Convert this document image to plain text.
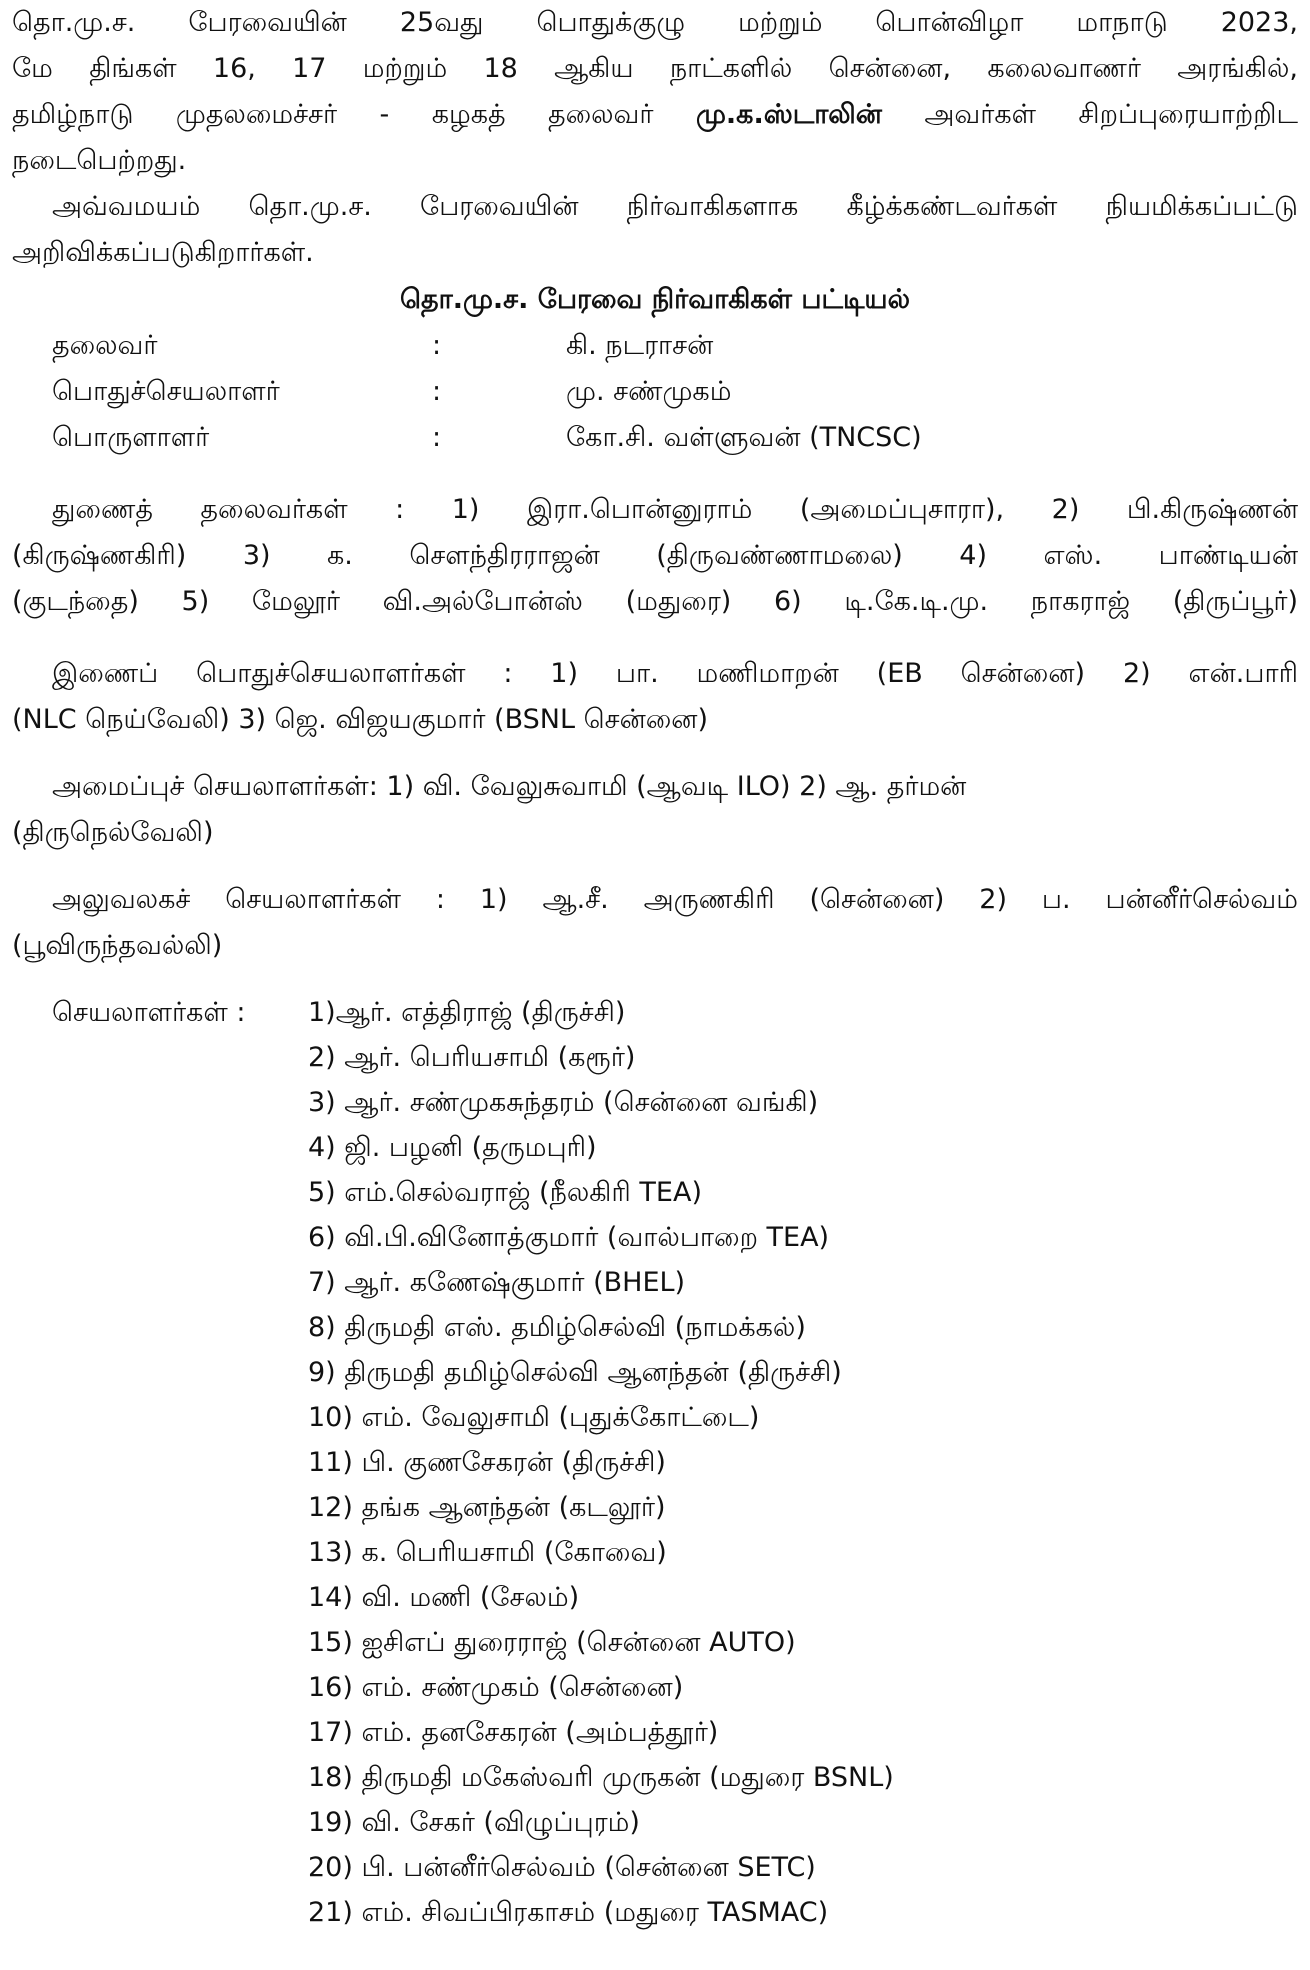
தொ.மு.ச. பேரவையின் 25வது பொதுக்குழு மற்றும் பொன்விழா மாநாடு 2023,
மே திங்கள் 16, 17 மற்றும் 18 ஆகிய நாட்களில் சென்னை, கலைவாணர் அரங்கில்,
தமிழ்நாடு முதலமைச்சர் - கழகத் தலைவர் மு.க.ஸ்டாலின் அவர்கள் சிறப்புரையாற்றிட
நடைபெற்றது.
அவ்வமயம் தொ.மு.ச. பேரவையின் நிர்வாகிகளாக கீழ்க்கண்டவர்கள் நியமிக்கப்பட்டு
அறிவிக்கப்படுகிறார்கள்.
தொ.மு.ச. பேரவை நிர்வாகிகள் பட்டியல்
தலைவர்	:	கி. நடராசன்
பொதுச்செயலாளர்	:	மு. சண்முகம்
பொருளாளர்	:	கோ.சி. வள்ளுவன் (TNCSC)
துணைத் தலைவர்கள் : 1) இரா.பொன்னுராம் (அமைப்புசாரா), 2) பி.கிருஷ்ணன்
(கிருஷ்ணகிரி) 3) க. சௌந்திரராஜன் (திருவண்ணாமலை) 4) எஸ். பாண்டியன்
(குடந்தை) 5) மேலூர் வி.அல்போன்ஸ் (மதுரை) 6) டி.கே.டி.மு. நாகராஜ் (திருப்பூர்)
இணைப் பொதுச்செயலாளர்கள் : 1) பா. மணிமாறன் (EB சென்னை) 2) என்.பாரி
(NLC நெய்வேலி) 3) ஜெ. விஜயகுமார் (BSNL சென்னை)
அமைப்புச் செயலாளர்கள்: 1) வி. வேலுசுவாமி (ஆவடி ILO) 2) ஆ. தர்மன்
(திருநெல்வேலி)
அலுவலகச் செயலாளர்கள் : 1) ஆ.சீ. அருணகிரி (சென்னை) 2) ப. பன்னீர்செல்வம்
(பூவிருந்தவல்லி)
செயலாளர்கள் : 1)ஆர். எத்திராஜ் (திருச்சி)
2) ஆர். பெரியசாமி (கரூர்)
3) ஆர். சண்முகசுந்தரம் (சென்னை வங்கி)
4) ஜி. பழனி (தருமபுரி)
5) எம்.செல்வராஜ் (நீலகிரி TEA)
6) வி.பி.வினோத்குமார் (வால்பாறை TEA)
7) ஆர். கணேஷ்குமார் (BHEL)
8) திருமதி எஸ். தமிழ்செல்வி (நாமக்கல்)
9) திருமதி தமிழ்செல்வி ஆனந்தன் (திருச்சி)
10) எம். வேலுசாமி (புதுக்கோட்டை)
11) பி. குணசேகரன் (திருச்சி)
12) தங்க ஆனந்தன் (கடலூர்)
13) க. பெரியசாமி (கோவை)
14) வி. மணி (சேலம்)
15) ஐசிஎப் துரைராஜ் (சென்னை AUTO)
16) எம். சண்முகம் (சென்னை)
17) எம். தனசேகரன் (அம்பத்தூர்)
18) திருமதி மகேஸ்வரி முருகன் (மதுரை BSNL)
19) வி. சேகர் (விழுப்புரம்)
20) பி. பன்னீர்செல்வம் (சென்னை SETC)
21) எம். சிவப்பிரகாசம் (மதுரை TASMAC)
